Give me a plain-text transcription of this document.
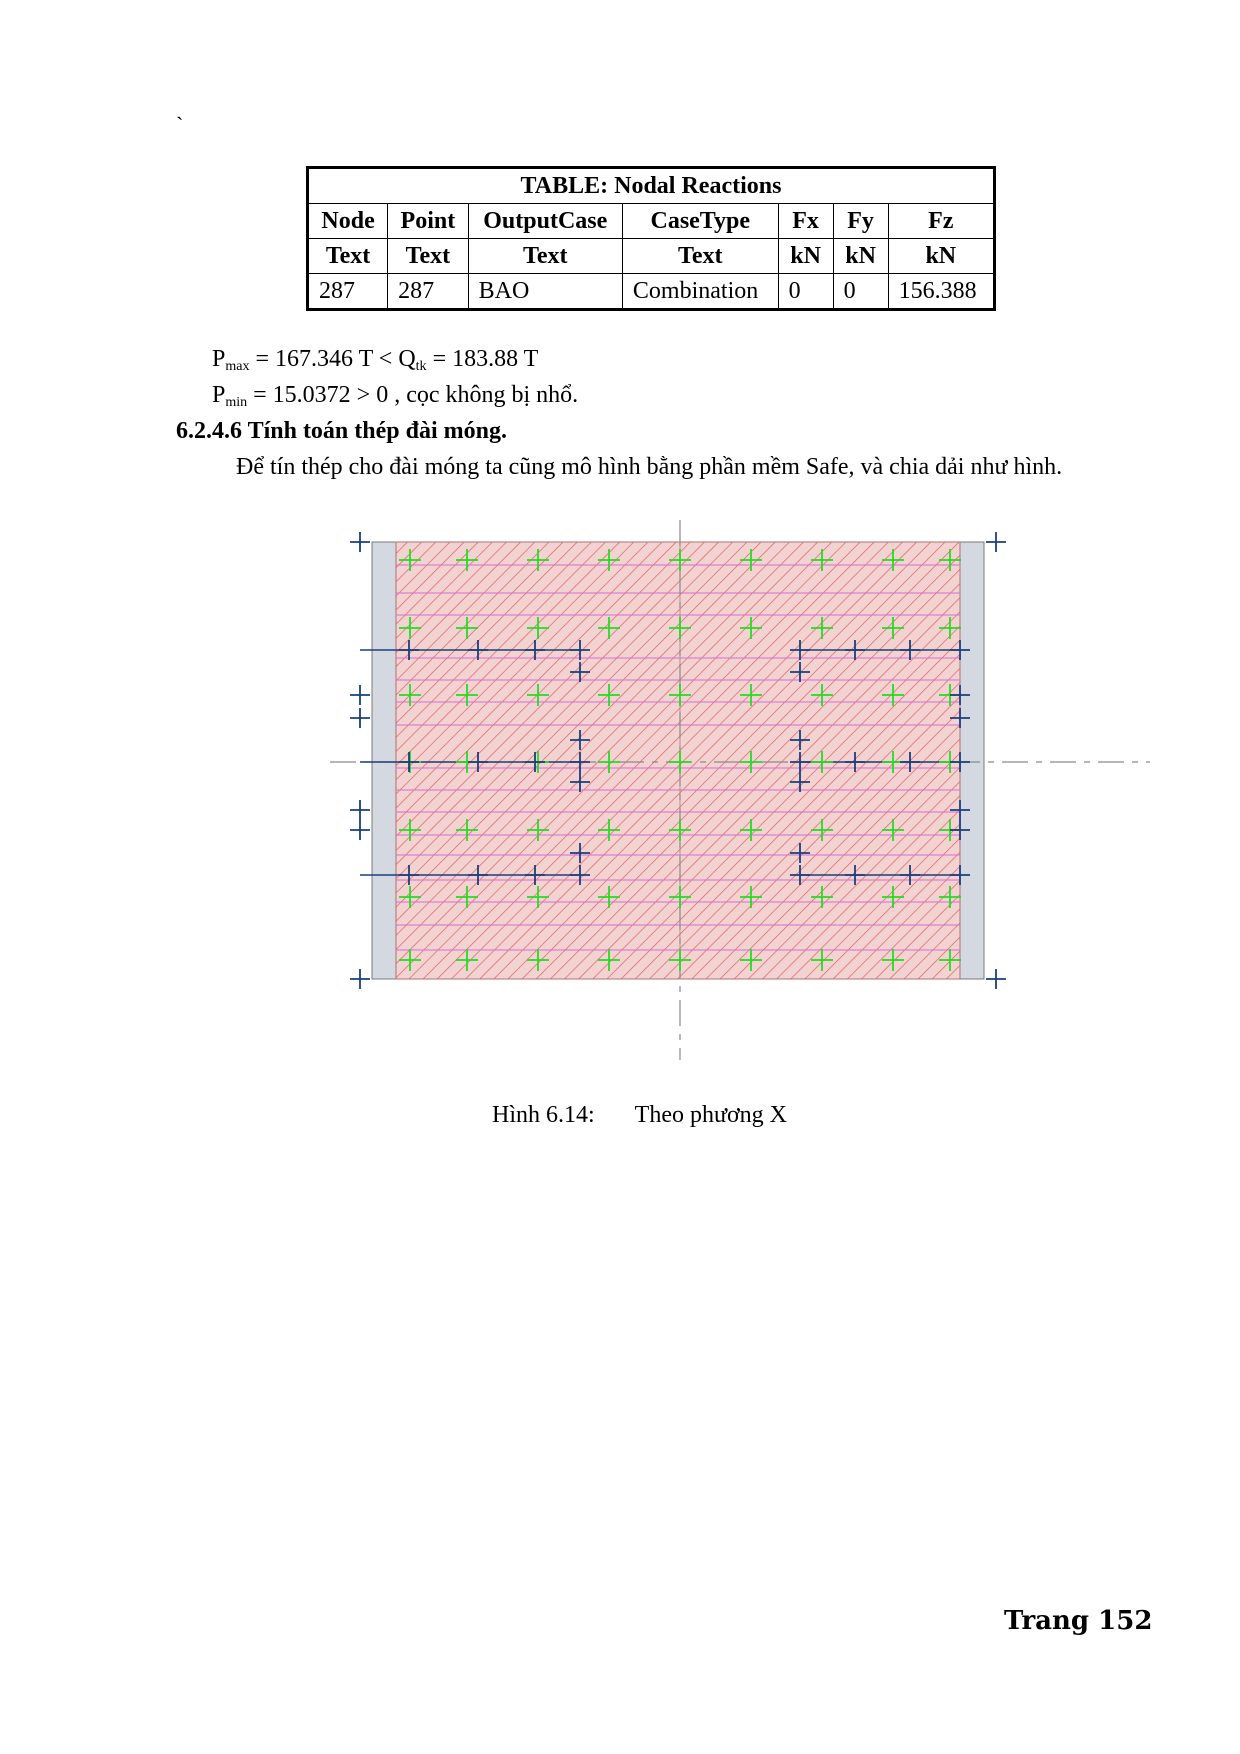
`
TABLE: Nodal Reactions						
Node	Point	OutputCase	CaseType	Fx	Fy	Fz
Text	Text	Text	Text	kN	kN	kN
287	287	BAO	Combination	0	0	156.388
$P_{max} = 167.346$ $T < Q_{tk} = 183.88$ T
$P_{min} = 15.0372 > 0$ , cọc không bị nhổ.
6.2.4.6 Tính toán thép đài móng.
Để tín thép cho đài móng ta cũng mô hình bằng phần mềm Safe, và chia dải như hình.
Hình 6.14: Theo phương X
Trang 152
